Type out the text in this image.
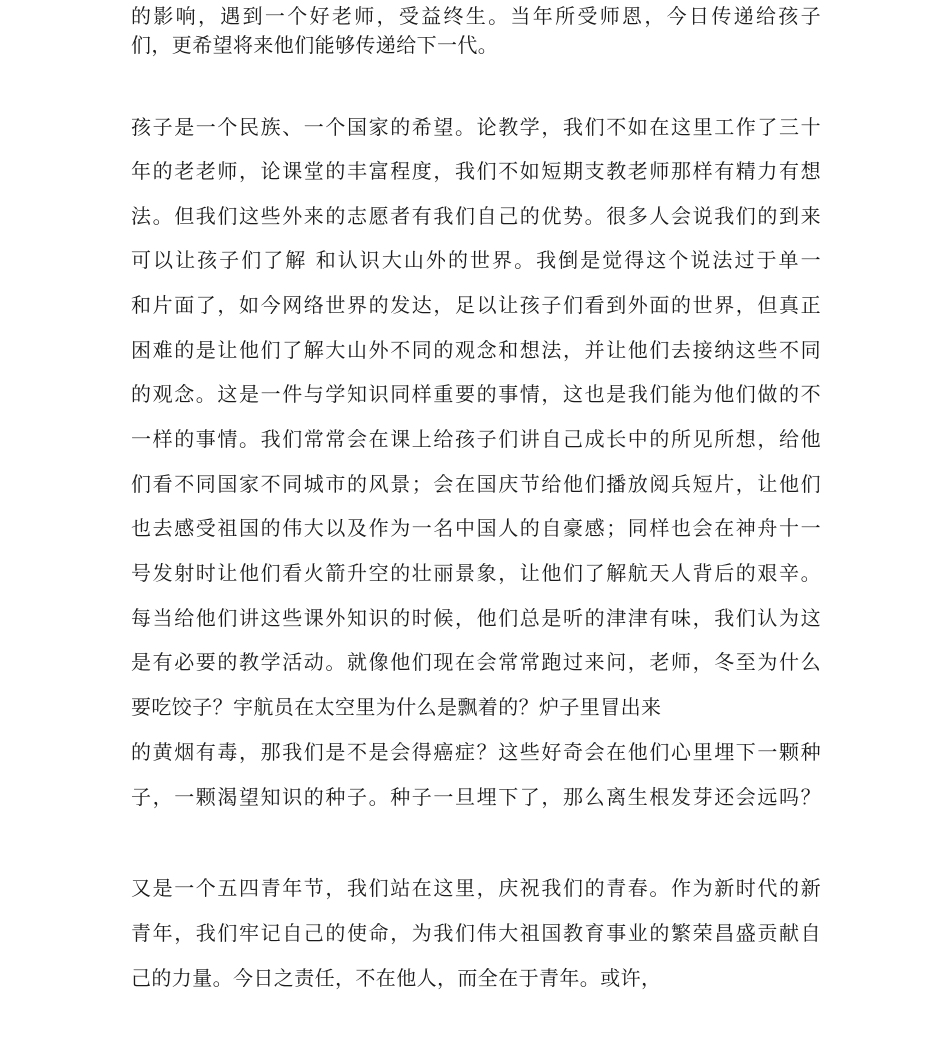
的影响，遇到一个好老师，受益终生。当年所受师恩，今日传递给孩子
们，更希望将来他们能够传递给下一代。
孩子是一个民族、一个国家的希望。论教学，我们不如在这里工作了三十
年的老老师，论课堂的丰富程度，我们不如短期支教老师那样有精力有想
法。但我们这些外来的志愿者有我们自己的优势。很多人会说我们的到来
可以让孩子们了解 和认识大山外的世界。我倒是觉得这个说法过于单一
和片面了，如今网络世界的发达，足以让孩子们看到外面的世界，但真正
困难的是让他们了解大山外不同的观念和想法，并让他们去接纳这些不同
的观念。这是一件与学知识同样重要的事情，这也是我们能为他们做的不
一样的事情。我们常常会在课上给孩子们讲自己成长中的所见所想，给他
们看不同国家不同城市的风景；会在国庆节给他们播放阅兵短片，让他们
也去感受祖国的伟大以及作为一名中国人的自豪感；同样也会在神舟十一
号发射时让他们看火箭升空的壮丽景象，让他们了解航天人背后的艰辛。
每当给他们讲这些课外知识的时候，他们总是听的津津有味，我们认为这
是有必要的教学活动。就像他们现在会常常跑过来问，老师，冬至为什么
要吃饺子？宇航员在太空里为什么是飘着的？炉子里冒出来
的黄烟有毒，那我们是不是会得癌症？这些好奇会在他们心里埋下一颗种
子，一颗渴望知识的种子。种子一旦埋下了，那么离生根发芽还会远吗？
又是一个五四青年节，我们站在这里，庆祝我们的青春。作为新时代的新
青年，我们牢记自己的使命，为我们伟大祖国教育事业的繁荣昌盛贡献自
己的力量。今日之责任，不在他人，而全在于青年。或许，
